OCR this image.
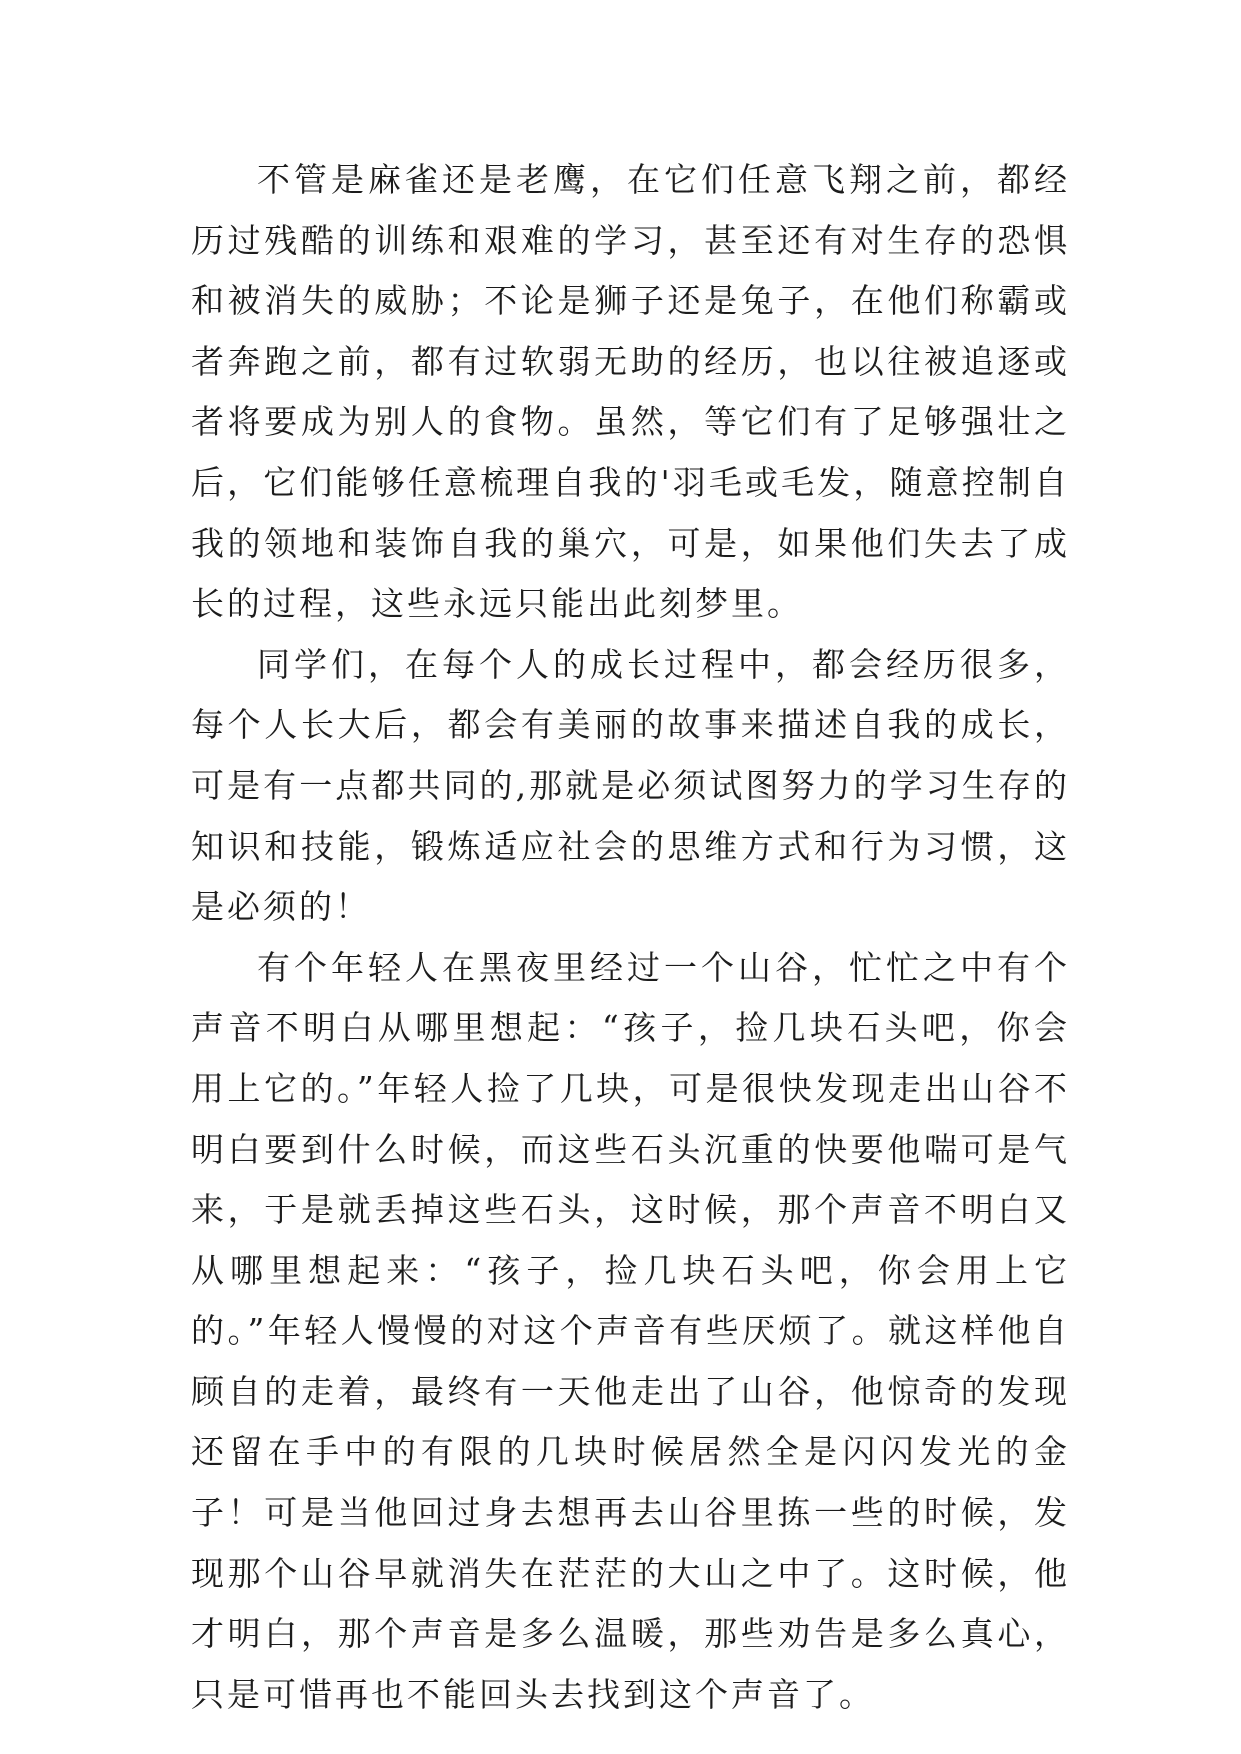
不管是麻雀还是老鹰，在它们任意飞翔之前，都经历过残酷的训练和艰难的学习，甚至还有对生存的恐惧和被消失的威胁；不论是狮子还是兔子，在他们称霸或者奔跑之前，都有过软弱无助的经历，也以往被追逐或者将要成为别人的食物。虽然，等它们有了足够强壮之后，它们能够任意梳理自我的'羽毛或毛发，随意控制自我的领地和装饰自我的巢穴，可是，如果他们失去了成长的过程，这些永远只能出此刻梦里。

同学们，在每个人的成长过程中，都会经历很多，每个人长大后，都会有美丽的故事来描述自我的成长，可是有一点都共同的,那就是必须试图努力的学习生存的知识和技能，锻炼适应社会的思维方式和行为习惯，这是必须的！

有个年轻人在黑夜里经过一个山谷，忙忙之中有个声音不明白从哪里想起：“孩子，捡几块石头吧，你会用上它的。”年轻人捡了几块，可是很快发现走出山谷不明白要到什么时候，而这些石头沉重的快要他喘可是气来，于是就丢掉这些石头，这时候，那个声音不明白又从哪里想起来：“孩子，捡几块石头吧，你会用上它的。”年轻人慢慢的对这个声音有些厌烦了。就这样他自顾自的走着，最终有一天他走出了山谷，他惊奇的发现还留在手中的有限的几块时候居然全是闪闪发光的金子！可是当他回过身去想再去山谷里拣一些的时候，发现那个山谷早就消失在茫茫的大山之中了。这时候，他才明白，那个声音是多么温暖，那些劝告是多么真心，只是可惜再也不能回头去找到这个声音了。
